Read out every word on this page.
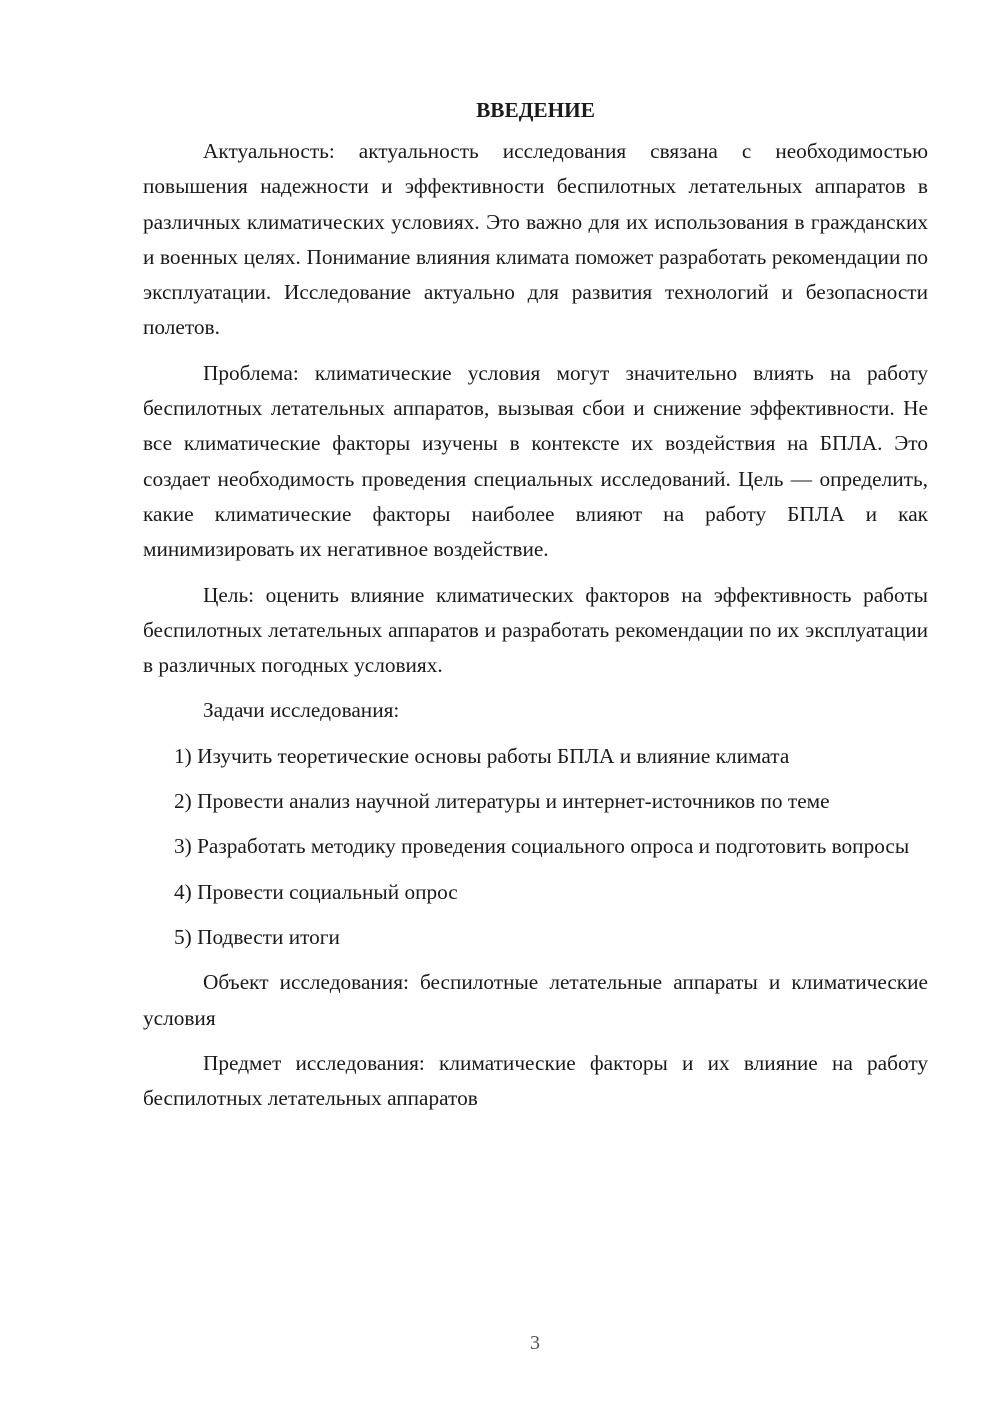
ВВЕДЕНИЕ

Актуальность: актуальность исследования связана с необходимостью повышения надежности и эффективности беспилотных летательных аппаратов в различных климатических условиях. Это важно для их использования в гражданских и военных целях. Понимание влияния климата поможет разработать рекомендации по эксплуатации. Исследование актуально для развития технологий и безопасности полетов.

Проблема: климатические условия могут значительно влиять на работу беспилотных летательных аппаратов, вызывая сбои и снижение эффективности. Не все климатические факторы изучены в контексте их воздействия на БПЛА. Это создает необходимость проведения специальных исследований. Цель — определить, какие климатические факторы наиболее влияют на работу БПЛА и как минимизировать их негативное воздействие.

Цель: оценить влияние климатических факторов на эффективность работы беспилотных летательных аппаратов и разработать рекомендации по их эксплуатации в различных погодных условиях.

Задачи исследования:

1) Изучить теоретические основы работы БПЛА и влияние климата

2) Провести анализ научной литературы и интернет-источников по теме

3) Разработать методику проведения социального опроса и подготовить вопросы

4) Провести социальный опрос

5) Подвести итоги

Объект исследования: беспилотные летательные аппараты и климатические условия

Предмет исследования: климатические факторы и их влияние на работу беспилотных летательных аппаратов

3
